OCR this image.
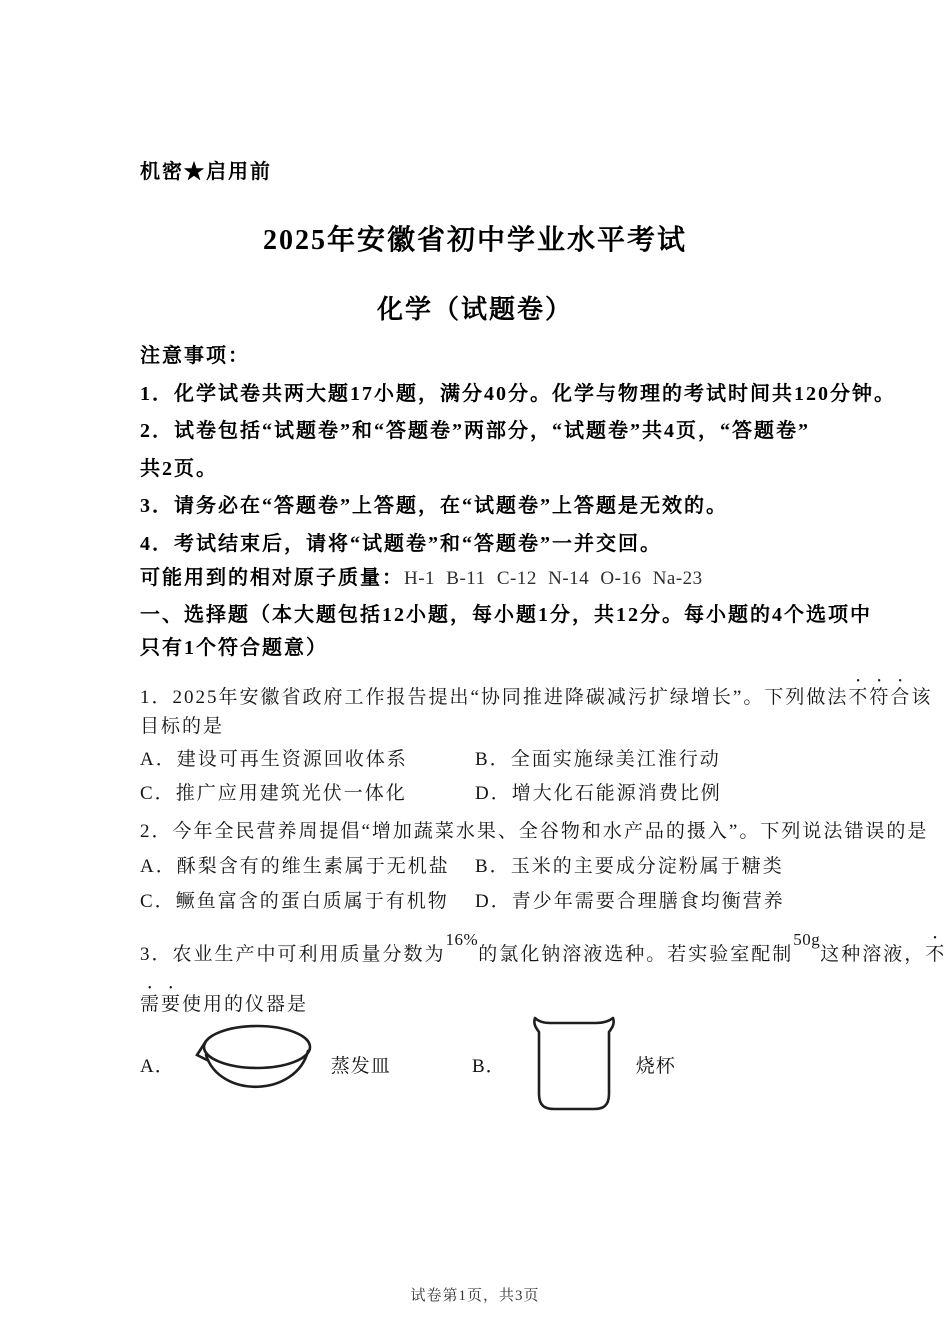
机密★启用前
2025年安徽省初中学业水平考试
化学（试题卷）
注意事项：
1．化学试卷共两大题17小题，满分40分。化学与物理的考试时间共120分钟。
2．试卷包括“试题卷”和“答题卷”两部分，“试题卷”共4页，“答题卷”
共2页。
3．请务必在“答题卷”上答题，在“试题卷”上答题是无效的。
4．考试结束后，请将“试题卷”和“答题卷”一并交回。
可能用到的相对原子质量：H-1 B-11 C-12 N-14 O-16 Na-23
一、选择题（本大题包括12小题，每小题1分，共12分。每小题的4个选项中
只有1个符合题意）
1．2025年安徽省政府工作报告提出“协同推进降碳减污扩绿增长”。下列做法不符合该
目标的是
A．建设可再生资源回收体系	B．全面实施绿美江淮行动
C．推广应用建筑光伏一体化	D．增大化石能源消费比例
2．今年全民营养周提倡“增加蔬菜水果、全谷物和水产品的摄入”。下列说法错误的是
A．酥梨含有的维生素属于无机盐	B．玉米的主要成分淀粉属于糖类
C．鳜鱼富含的蛋白质属于有机物	D．青少年需要合理膳食均衡营养
3．农业生产中可利用质量分数为16%的氯化钠溶液选种。若实验室配制50g这种溶液，不
需要使用的仪器是
A．	蒸发皿	B．	烧杯
试卷第1页，共3页
